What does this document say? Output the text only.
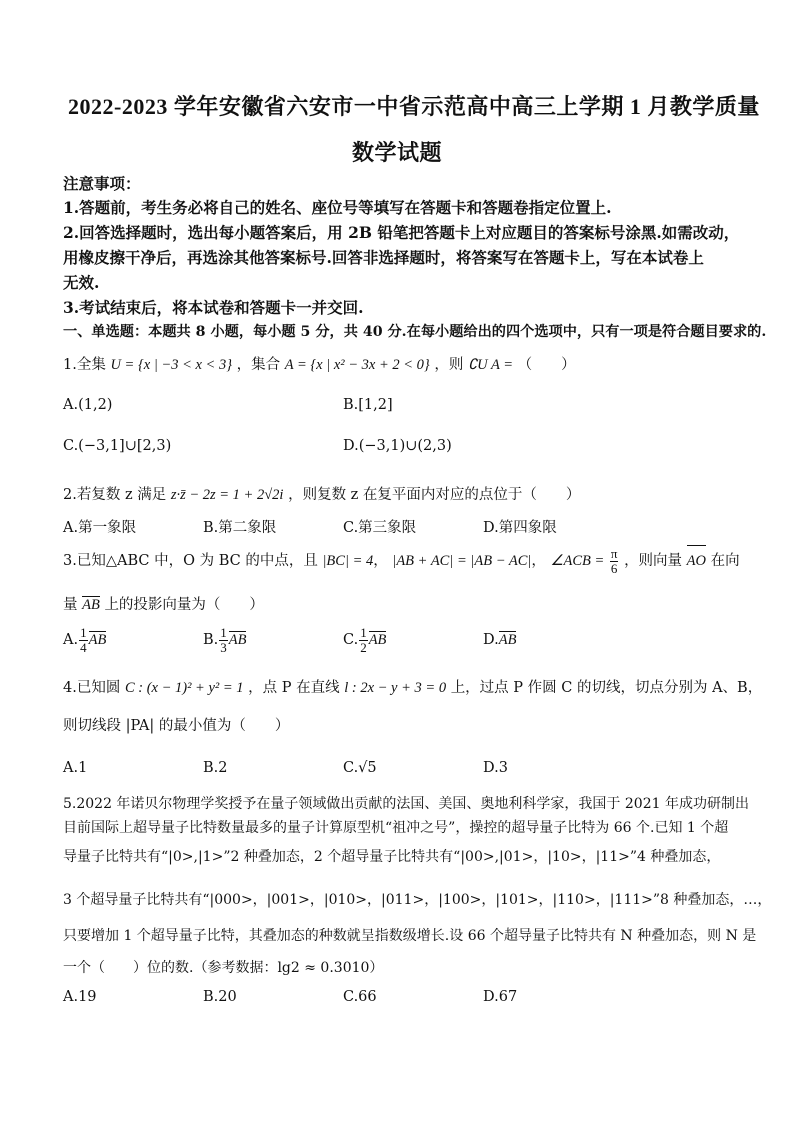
2022-2023 学年安徽省六安市一中省示范高中高三上学期 1 月教学质量
数学试题
注意事项：
1.答题前，考生务必将自己的姓名、座位号等填写在答题卡和答题卷指定位置上.
2.回答选择题时，选出每小题答案后，用 2B 铅笔把答题卡上对应题目的答案标号涂黑.如需改动，
用橡皮擦干净后，再选涂其他答案标号.回答非选择题时，将答案写在答题卡上，写在本试卷上
无效.
3.考试结束后，将本试卷和答题卡一并交回.
一、单选题：本题共 8 小题，每小题 5 分，共 40 分.在每小题给出的四个选项中，只有一项是符合题目要求的.
1.全集 U = {x | −3 < x < 3} ，集合 A = {x | x² − 3x + 2 < 0} ，则 ∁U A = （　　）
A.(1,2)	B.[1,2]
C.(−3,1]∪[2,3)	D.(−3,1)∪(2,3)
2.若复数 z 满足 z·z̄ − 2z = 1 + 2√2i ，则复数 z 在复平面内对应的点位于（　　）
A.第一象限	B.第二象限	C.第三象限	D.第四象限
3.已知△ABC 中，O 为 BC 的中点，且 |BC| = 4， |AB + AC| = |AB − AC|， ∠ACB = $\frac{\pi}{6}$ ，则向量 AO 在向
量 AB 上的投影向量为（　　）
A. $\frac{1}{4}$ AB	B. $\frac{1}{3}$ AB	C. $\frac{1}{2}$ AB	D.AB
4.已知圆 C : (x − 1)² + y² = 1 ，点 P 在直线 l : 2x − y + 3 = 0 上，过点 P 作圆 C 的切线，切点分别为 A、B，
则切线段 |PA| 的最小值为（　　）
A.1	B.2	C.√5	D.3
5.2022 年诺贝尔物理学奖授予在量子领域做出贡献的法国、美国、奥地利科学家，我国于 2021 年成功研制出
目前国际上超导量子比特数量最多的量子计算原型机“祖冲之号”，操控的超导量子比特为 66 个.已知 1 个超
导量子比特共有“|0>,|1>”2 种叠加态，2 个超导量子比特共有“|00>,|01>，|10>，|11>”4 种叠加态，
3 个超导量子比特共有“|000>，|001>，|010>，|011>，|100>，|101>，|110>，|111>”8 种叠加态，…，
只要增加 1 个超导量子比特，其叠加态的种数就呈指数级增长.设 66 个超导量子比特共有 N 种叠加态，则 N 是
一个（　　）位的数.（参考数据：lg2 ≈ 0.3010）
A.19	B.20	C.66	D.67
